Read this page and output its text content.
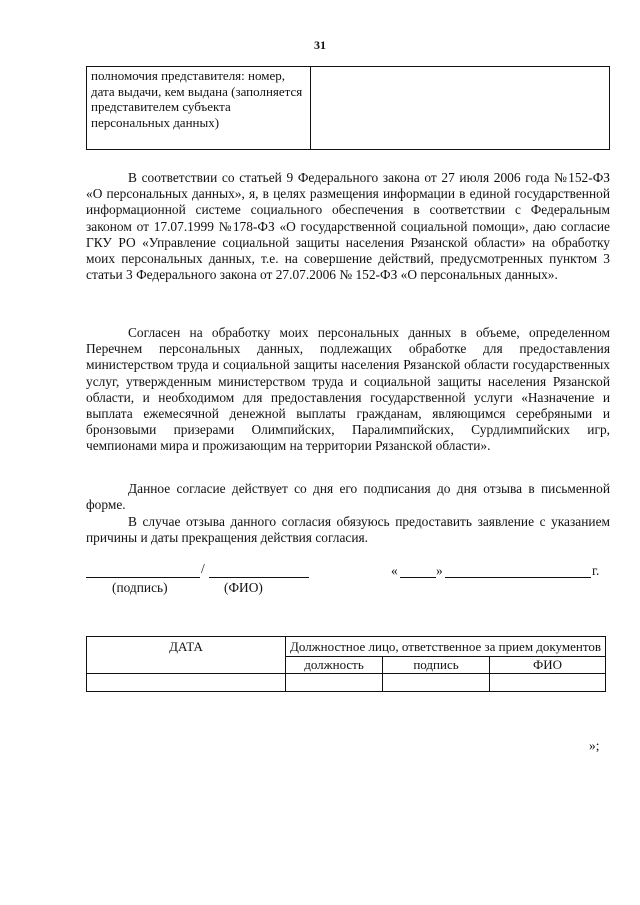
31
полномочия представителя: номер, дата выдачи, кем выдана (заполняется представителем субъекта персональных данных)	

В соответствии со статьей 9 Федерального закона от 27 июля 2006 года №152-ФЗ «О персональных данных», я, в целях размещения информации в единой государственной информационной системе социального обеспечения в соответствии с Федеральным законом от 17.07.1999 №178-ФЗ «О государственной социальной помощи», даю согласие ГКУ РО «Управление социальной защиты населения Рязанской области» на обработку моих персональных данных, т.е. на совершение действий, предусмотренных пунктом 3 статьи 3 Федерального закона от 27.07.2006 № 152-ФЗ «О персональных данных».

Согласен на обработку моих персональных данных в объеме, определенном Перечнем персональных данных, подлежащих обработке для предоставления министерством труда и социальной защиты населения Рязанской области государственных услуг, утвержденным министерством труда и социальной защиты населения Рязанской области, и необходимом для предоставления государственной услуги «Назначение и выплата ежемесячной денежной выплаты гражданам, являющимся серебряными и бронзовыми призерами Олимпийских, Паралимпийских, Сурдлимпийских игр, чемпионами мира и прожизающим на территории Рязанской области».

Данное согласие действует со дня его подписания до дня отзыва в письменной форме.

В случае отзыва данного согласия обязуюсь предоставить заявление с указанием причины и даты прекращения действия согласия.

/
(подпись)	(ФИО)
«	»	г.
ДАТА	Должностное лицо, ответственное за прием документов		
	должность	подпись	ФИО

»;
